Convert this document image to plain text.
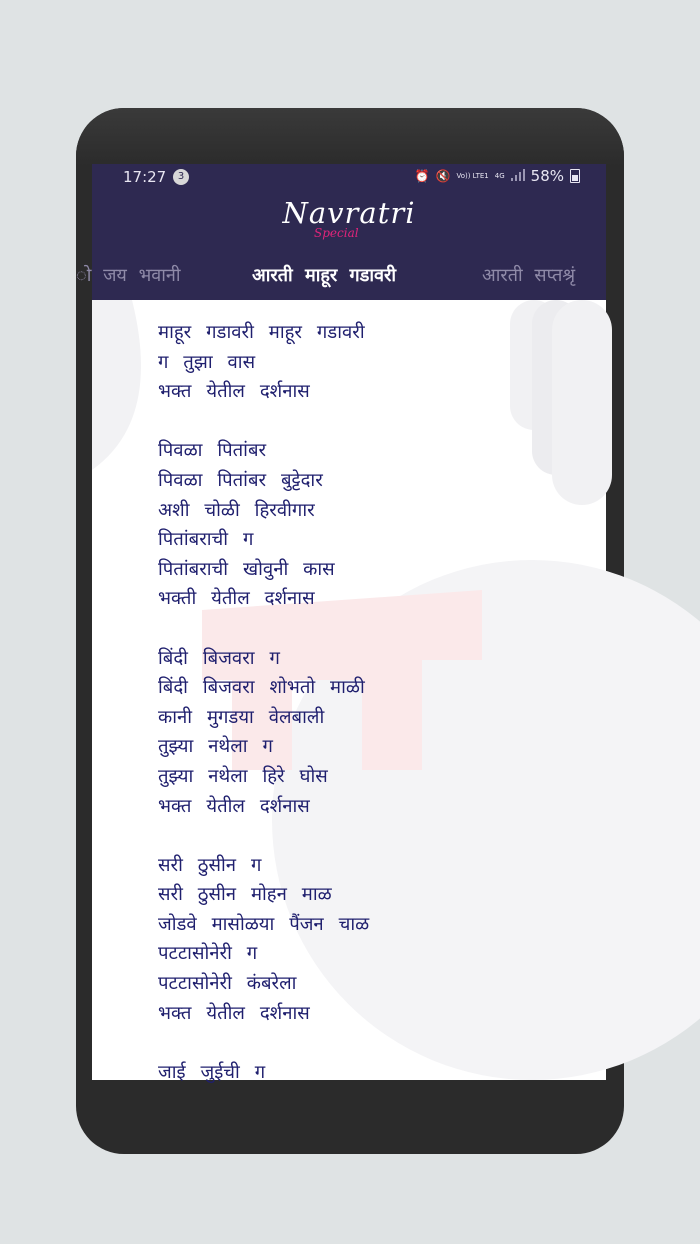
17:27	3	⏰ 🔇 Vo)) LTE1 4G 58%
Navratri
Special
ो जय भवानी	आरती माहूर गडावरी	आरती सप्तश्रृं
माहूर गडावरी माहूर गडावरी
ग तुझा वास
भक्त येतील दर्शनास

पिवळा पितांबर
पिवळा पितांबर बुट्टेदार
अशी चोळी हिरवीगार
पितांबराची ग
पितांबराची खोवुनी कास
भक्ती येतील दर्शनास

बिंदी बिजवरा ग
बिंदी बिजवरा शोभतो माळी
कानी मुगडया वेलबाली
तुझ्या नथेला ग
तुझ्या नथेला हिरे घोस
भक्त येतील दर्शनास

सरी ठुसीन ग
सरी ठुसीन मोहन माळ
जोडवे मासोळया पैंजन चाळ
पटटासोनेरी ग
पटटासोनेरी कंबरेला
भक्त येतील दर्शनास

जाई जुईची ग
